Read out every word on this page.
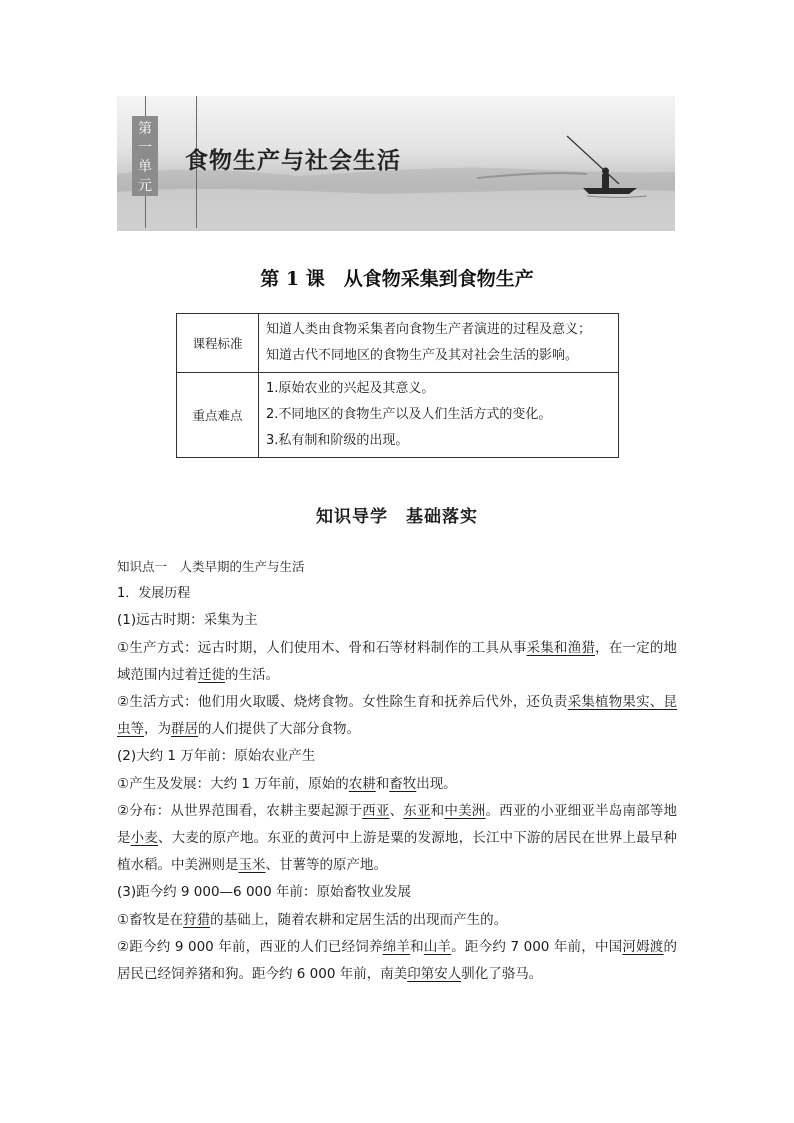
第
一
单
元
食物生产与社会生活
第 1 课　从食物采集到食物生产
课程标准	知道人类由食物采集者向食物生产者演进的过程及意义；
知道古代不同地区的食物生产及其对社会生活的影响。

重点难点	1.原始农业的兴起及其意义。
2.不同地区的食物生产以及人们生活方式的变化。
3.私有制和阶级的出现。
知识导学　基础落实

知识点一　人类早期的生产与生活

1．发展历程

(1)远古时期：采集为主

①生产方式：远古时期，人们使用木、骨和石等材料制作的工具从事采集和渔猎，在一定的地域范围内过着迁徙的生活。

②生活方式：他们用火取暖、烧烤食物。女性除生育和抚养后代外，还负责采集植物果实、昆虫等，为群居的人们提供了大部分食物。

(2)大约 1 万年前：原始农业产生

①产生及发展：大约 1 万年前，原始的农耕和畜牧出现。

②分布：从世界范围看，农耕主要起源于西亚、东亚和中美洲。西亚的小亚细亚半岛南部等地是小麦、大麦的原产地。东亚的黄河中上游是粟的发源地，长江中下游的居民在世界上最早种植水稻。中美洲则是玉米、甘薯等的原产地。

(3)距今约 9 000—6 000 年前：原始畜牧业发展

①畜牧是在狩猎的基础上，随着农耕和定居生活的出现而产生的。

②距今约 9 000 年前，西亚的人们已经饲养绵羊和山羊。距今约 7 000 年前，中国河姆渡的居民已经饲养猪和狗。距今约 6 000 年前，南美印第安人驯化了骆马。
